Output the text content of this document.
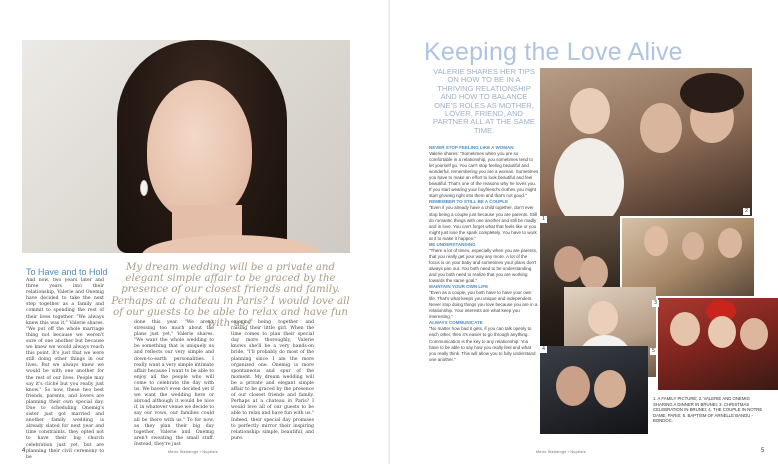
To Have and to Hold	My dream wedding will be a private and elegant simple affair to be graced by the presence of our closest friends and family. Perhaps at a chateau in Paris? I would love all of our guests to be able to relax and have fun with us."
And now, two years later and three years into their relationship, Valerie and Onemig have decided to take the next step together as a family and commit to spending the rest of their lives together. "We always knew this was it," Valerie shares. "We put off the whole marriage thing not because we weren't sure of one another but because we knew we would always reach this point. It's just that we were still doing other things in our lives. But we always knew we would be with one another for the rest of our lives. People may say it's cliché but you really just know." So now, these two best friends, parents, and lovers are planning their own special day. Due to scheduling Onemig's sister just got married and another family wedding is already slated for next year and time constraints, they opted not to have their big church celebration just yet, but are planning their civil ceremony to be
done this year. "We aren't stressing too much about the plans just yet," Valerie shares. "We want the whole wedding to be something that is uniquely us and reflects our very simple and down-to-earth personalities. I really want a very simple intimate affair because I want to be able to enjoy all the people who will come to celebrate the day with us. We haven't even decided yet if we want the wedding here or abroad although it would be nice if, in whatever venue we decide to say our vows, our families could all be there with us." To for now, as they plan their big day together, Valerie and Onemig aren't sweating the small stuff. Instead, they're just
enjoying being together and raising their little girl. When the time comes to plan their special day more thoroughly, Valerie knows she'll be a very hands-on bride. "I'll probably do most of the planning since I am the more organized one. Onemig is more spontaneous and spur of the moment. My dream wedding will be a private and elegant simple affair to be graced by the presence of our closest friends and family. Perhaps at a chateau in Paris? I would love all of our guests to be able to relax and have fun with us." Indeed, their special day promises to perfectly mirror their inspiring relationship: simple, beautiful, and pure.
4	Metro Weddings • Nuptials
Keeping the Love Alive
VALERIE SHARES HER TIPS ON HOW TO BE IN A THRIVING RELATIONSHIP AND HOW TO BALANCE ONE'S ROLES AS MOTHER, LOVER, FRIEND, AND PARTNER ALL AT THE SAME TIME.
NEVER STOP FEELING LIKE A WOMAN
Valerie shares: "Sometimes when you are so comfortable in a relationship, you sometimes tend to let yourself go. You can't stop feeling beautiful and wonderful, remembering you are a woman. Sometimes you have to make an effort to look beautiful and feel beautiful. That's one of the reasons why he loves you. If you start wearing your boyfriend's clothes you might start growing right into them and that's not good."
REMEMBER TO STILL BE A COUPLE
"Even if you already have a child together, don't ever stop being a couple just because you are parents. Still do romantic things with one another and still be madly and in love. You can't forget what that feels like or you might just lose the spark completely. You have to work at it to make it happen."
BE UNDERSTANDING
"There a lot of times, especially when you are parents, that you really get your way any more. A lot of the focus is on your baby and sometimes your plans don't always pan out. You both need to be understanding and you both need to realize that you are working towards the same goal."
MAINTAIN YOUR OWN LIFE
"Even as a couple, you both have to have your own life. That's what keeps you unique and independent. Never stop doing things you love because you are in a relationship. Your interests are what keep you interesting."
ALWAYS COMMUNICATE
"No matter how bad it gets, if you can talk openly to each other, then it's easier to go through anything. Communication is the key to any relationship. You have to be able to say how you really feel and what you really think. This will allow you to fully understand one another."
2
1
4
3
5
1. A FAMILY PICTURE; 2. VALERIE AND ONEMIG SHARING A DINNER IN BRUNEI; 3. CHRISTMAS CELEBRATION IN BRUNEI; 4. THE COUPLE IN NOTRE DAME, PARIS; 5. BAPTISM OF ARNELLE BANDU - BONDOC.
Metro Weddings • Nuptials	5
